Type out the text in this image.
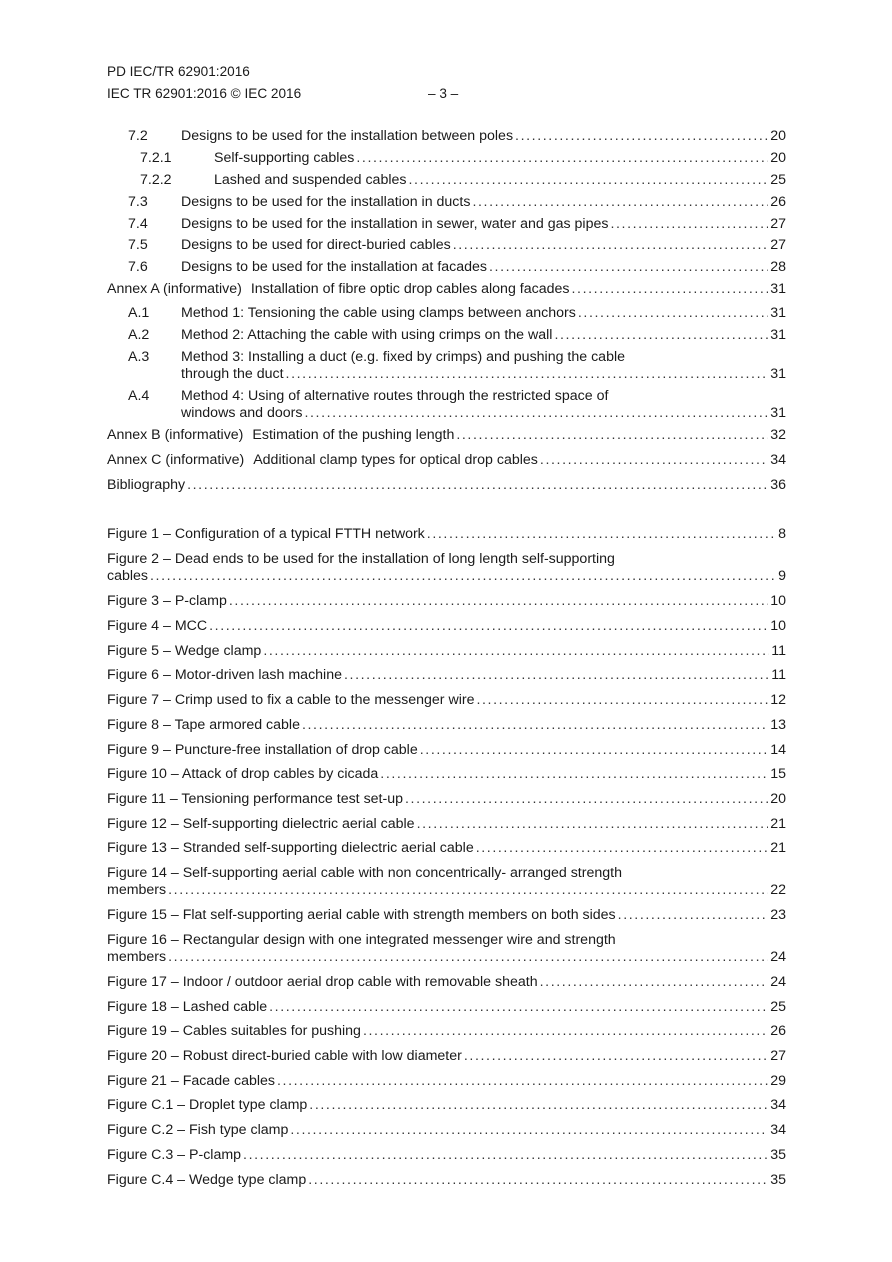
PD IEC/TR 62901:2016
IEC TR 62901:2016 © IEC 2016	– 3 –
7.2	Designs to be used for the installation between poles .....	20
7.2.1	Self-supporting cables .....	20
7.2.2	Lashed and suspended cables .....	25
7.3	Designs to be used for the installation in ducts .....	26
7.4	Designs to be used for the installation in sewer, water and gas pipes .....	27
7.5	Designs to be used for direct-buried cables .....	27
7.6	Designs to be used for the installation at facades .....	28
Annex A (informative) Installation of fibre optic drop cables along facades .....	31
A.1	Method 1: Tensioning the cable using clamps between anchors .....	31
A.2	Method 2: Attaching the cable with using crimps on the wall .....	31
A.3	Method 3: Installing a duct (e.g. fixed by crimps) and pushing the cable
through the duct .....	31
A.4	Method 4: Using of alternative routes through the restricted space of
windows and doors .....	31
Annex B (informative) Estimation of the pushing length .....	32
Annex C (informative) Additional clamp types for optical drop cables .....	34
Bibliography .....	36
Figure 1 – Configuration of a typical FTTH network .....	8
Figure 2 – Dead ends to be used for the installation of long length self-supporting
cables .....	9
Figure 3 – P-clamp .....	10
Figure 4 – MCC .....	10
Figure 5 – Wedge clamp .....	11
Figure 6 – Motor-driven lash machine .....	11
Figure 7 – Crimp used to fix a cable to the messenger wire .....	12
Figure 8 – Tape armored cable .....	13
Figure 9 – Puncture-free installation of drop cable .....	14
Figure 10 – Attack of drop cables by cicada .....	15
Figure 11 – Tensioning performance test set-up .....	20
Figure 12 – Self-supporting dielectric aerial cable .....	21
Figure 13 – Stranded self-supporting dielectric aerial cable .....	21
Figure 14 – Self-supporting aerial cable with non concentrically- arranged strength
members .....	22
Figure 15 – Flat self-supporting aerial cable with strength members on both sides .....	23
Figure 16 – Rectangular design with one integrated messenger wire and strength
members .....	24
Figure 17 – Indoor / outdoor aerial drop cable with removable sheath .....	24
Figure 18 – Lashed cable .....	25
Figure 19 – Cables suitables for pushing .....	26
Figure 20 – Robust direct-buried cable with low diameter .....	27
Figure 21 – Facade cables .....	29
Figure C.1 – Droplet type clamp .....	34
Figure C.2 – Fish type clamp .....	34
Figure C.3 – P-clamp .....	35
Figure C.4 – Wedge type clamp .....	35
